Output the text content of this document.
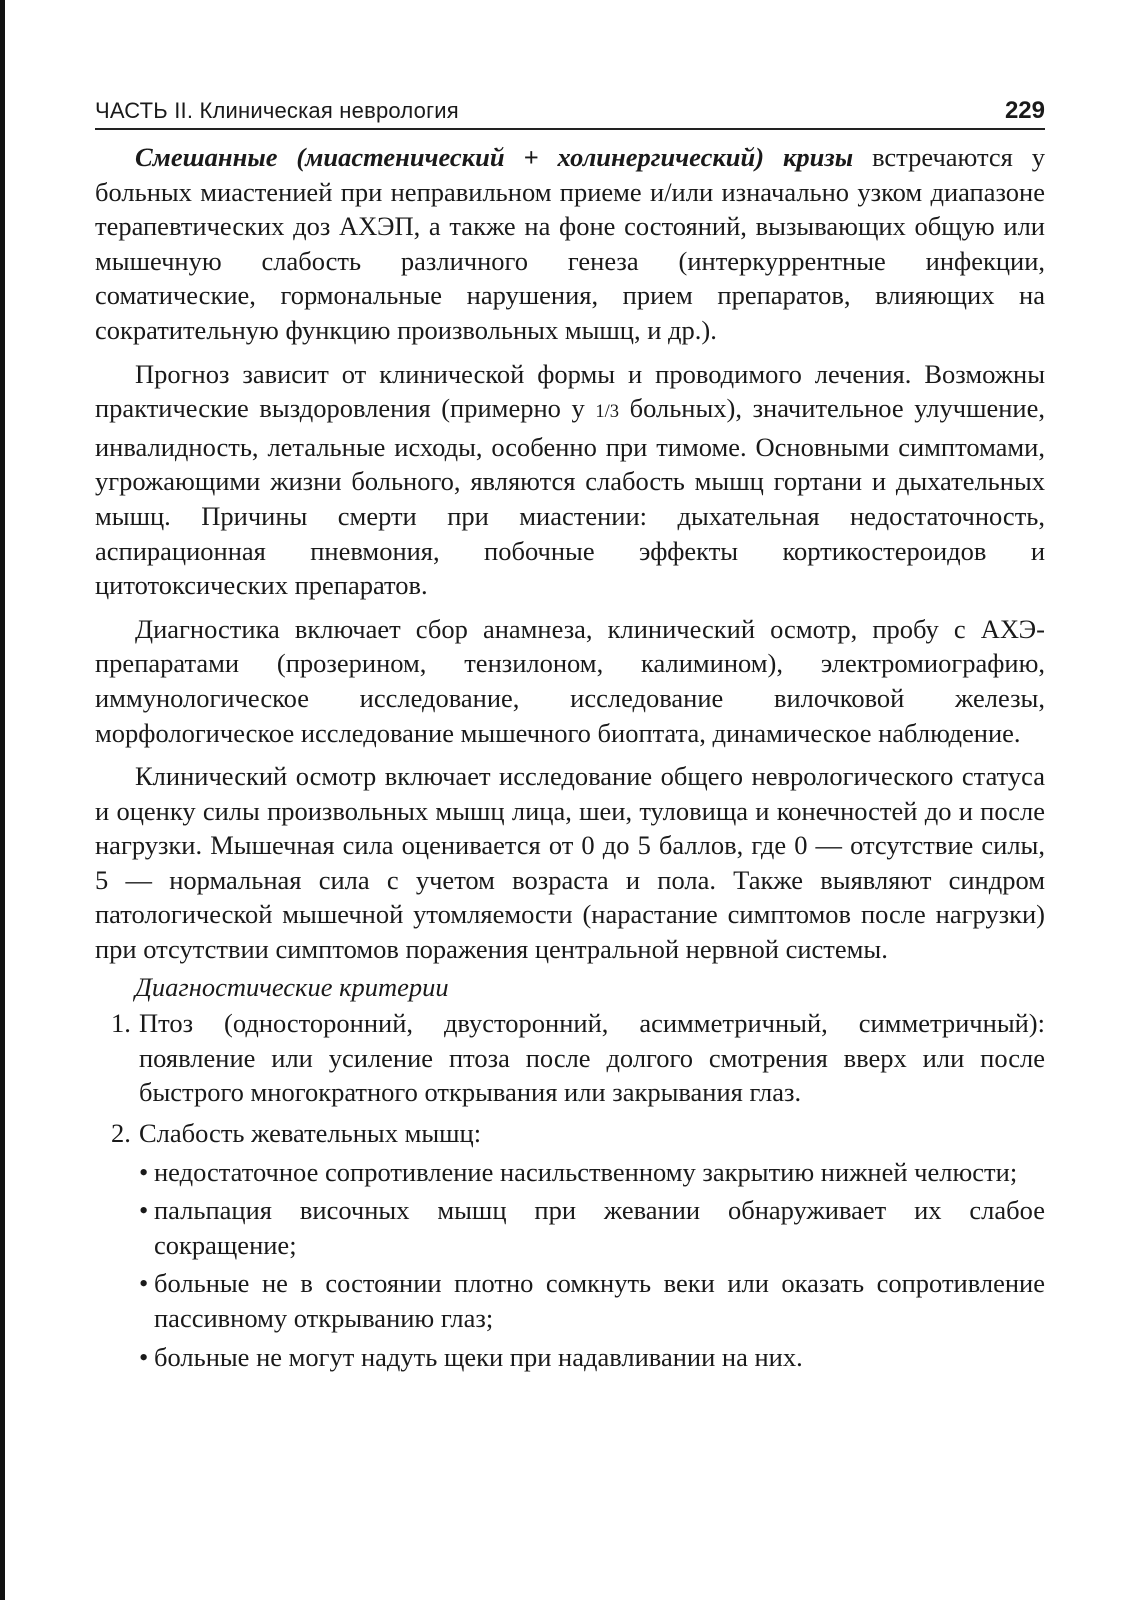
ЧАСТЬ II. Клиническая неврология	229

Смешанные (миастенический + холинергический) кризы встречаются у больных миастенией при неправильном приеме и/или изначально узком диапазоне терапевтических доз АХЭП, а также на фоне состояний, вызывающих общую или мышечную слабость различного генеза (интеркуррентные инфекции, соматические, гормональные нарушения, прием препаратов, влияющих на сократительную функцию произвольных мышц, и др.).

Прогноз зависит от клинической формы и проводимого лечения. Возможны практические выздоровления (примерно у 1/3 больных), значительное улучшение, инвалидность, летальные исходы, особенно при тимоме. Основными симптомами, угрожающими жизни больного, являются слабость мышц гортани и дыхательных мышц. Причины смерти при миастении: дыхательная недостаточность, аспирационная пневмония, побочные эффекты кортикостероидов и цитотоксических препаратов.

Диагностика включает сбор анамнеза, клинический осмотр, пробу с АХЭ-препаратами (прозерином, тензилоном, калимином), электромиографию, иммунологическое исследование, исследование вилочковой железы, морфологическое исследование мышечного биоптата, динамическое наблюдение.

Клинический осмотр включает исследование общего неврологического статуса и оценку силы произвольных мышц лица, шеи, туловища и конечностей до и после нагрузки. Мышечная сила оценивается от 0 до 5 баллов, где 0 — отсутствие силы, 5 — нормальная сила с учетом возраста и пола. Также выявляют синдром патологической мышечной утомляемости (нарастание симптомов после нагрузки) при отсутствии симптомов поражения центральной нервной системы.

Диагностические критерии
1. Птоз (односторонний, двусторонний, асимметричный, симметричный): появление или усиление птоза после долгого смотрения вверх или после быстрого многократного открывания или закрывания глаз.
2. Слабость жевательных мышц:
• недостаточное сопротивление насильственному закрытию нижней челюсти;
• пальпация височных мышц при жевании обнаруживает их слабое сокращение;
• больные не в состоянии плотно сомкнуть веки или оказать сопротивление пассивному открыванию глаз;
• больные не могут надуть щеки при надавливании на них.
